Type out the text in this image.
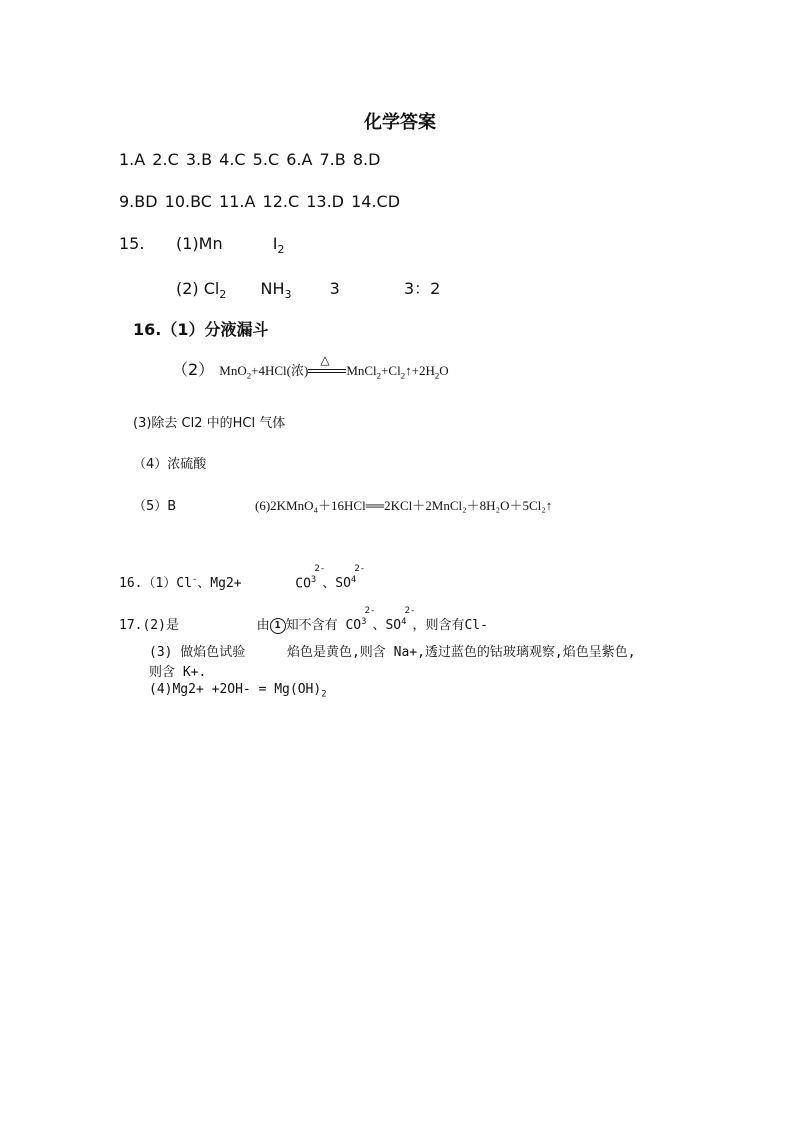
化学答案
1.A 2.C 3.B 4.C 5.C 6.A 7.B 8.D
9.BD 10.BC 11.A 12.C 13.D 14.CD
15. (1)Mn	$I_2$
(2) $Cl_2$ $NH_3$ 3	3：2
16.（1）分液漏斗
（2） MnO$_2$+4HCl(浓)
△
$MnCl_2+Cl_2↑+2H_2O$
(3)除去 Cl2 中的HCl 气体
（4）浓硫酸
（5）B	(6)2KMnO₄＋16HCl══2KCl＋2MnCl₂＋8H₂O＋5Cl₂↑
16.（1）Cl-、Mg2+	$CO^3$
2-
、$SO^4$
2-
17.(2)是	由 1 知不含有 $CO^3$
2-
、$SO^4$
2-
，则含有Cl-
(3) 做焰色试验	焰色是黄色,则含 Na+,透过蓝色的钴玻璃观察,焰色呈紫色,
则含 K+.
$(4)Mg2+ +2OH- = Mg(OH)_2$
